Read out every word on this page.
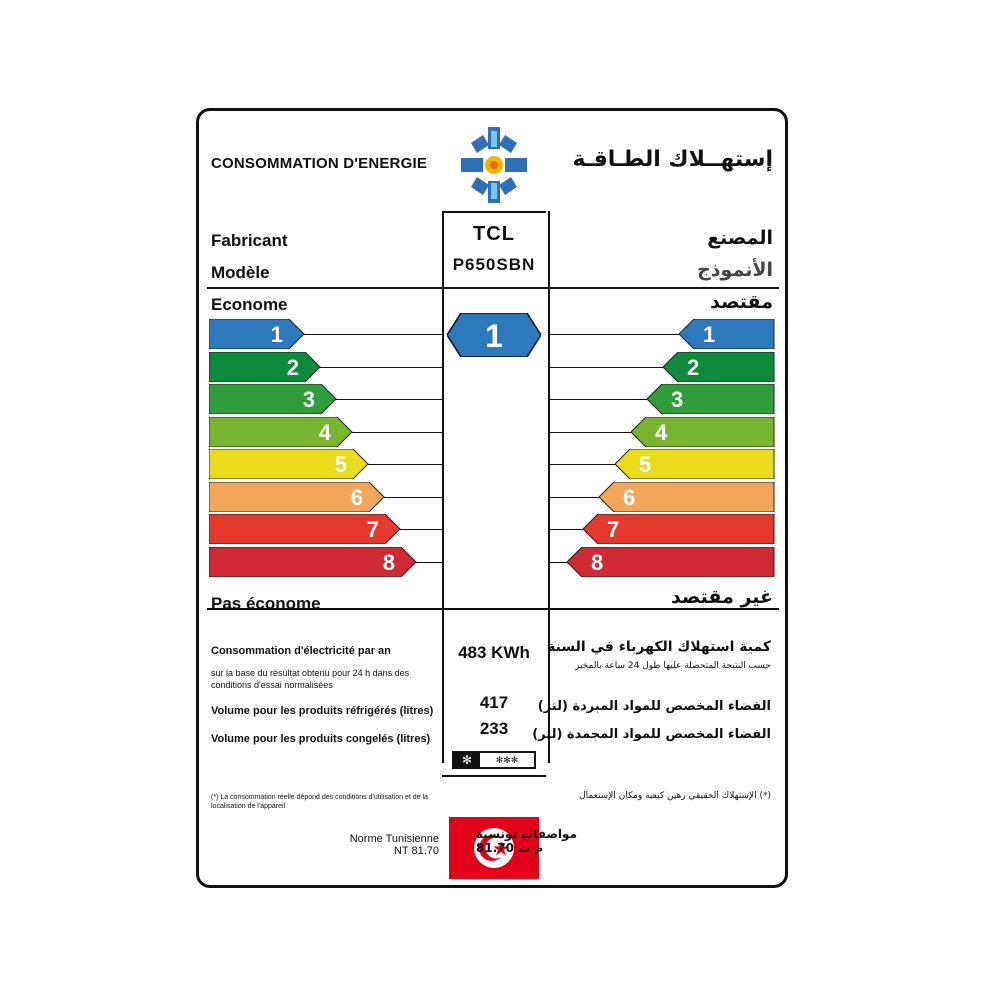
CONSOMMATION D'ENERGIE	إستهــلاك الطـاقـة
Fabricant	المصنع
TCL
Modèle	الأنموذج
P650SBN
Econome	مقتصد
1
Pas économe	غير مقتصد
Consommation d'électricité par an
sur la base du résultat obtenu pour 24 h dans des conditions d'essai normalisées
كمية استهلاك الكهرباء في السنة
حسب النتيجة المتحصلة عليها طول 24 ساعة بالمخبر
483 KWh
Volume pour les produits réfrigérés (litres)	الفضاء المخصص للمواد المبردة (لتر)
417
Volume pour les produits congelés (litres)	الفضاء المخصص للمواد المجمدة (لتر)
233
✻	✻✻✻
(*) La consommation réelle dépond des conditions d'utilisation et de la localisation de l'appareil
(*) الإستهلاك الحقيقي رهين كيفية ومكان الإستعمال
Norme Tunisienne
NT 81.70
مواصفات تونسية
م ت 81.70
1	1
2	2
3	3
4	4
5	5
6	6
7	7
8	8
